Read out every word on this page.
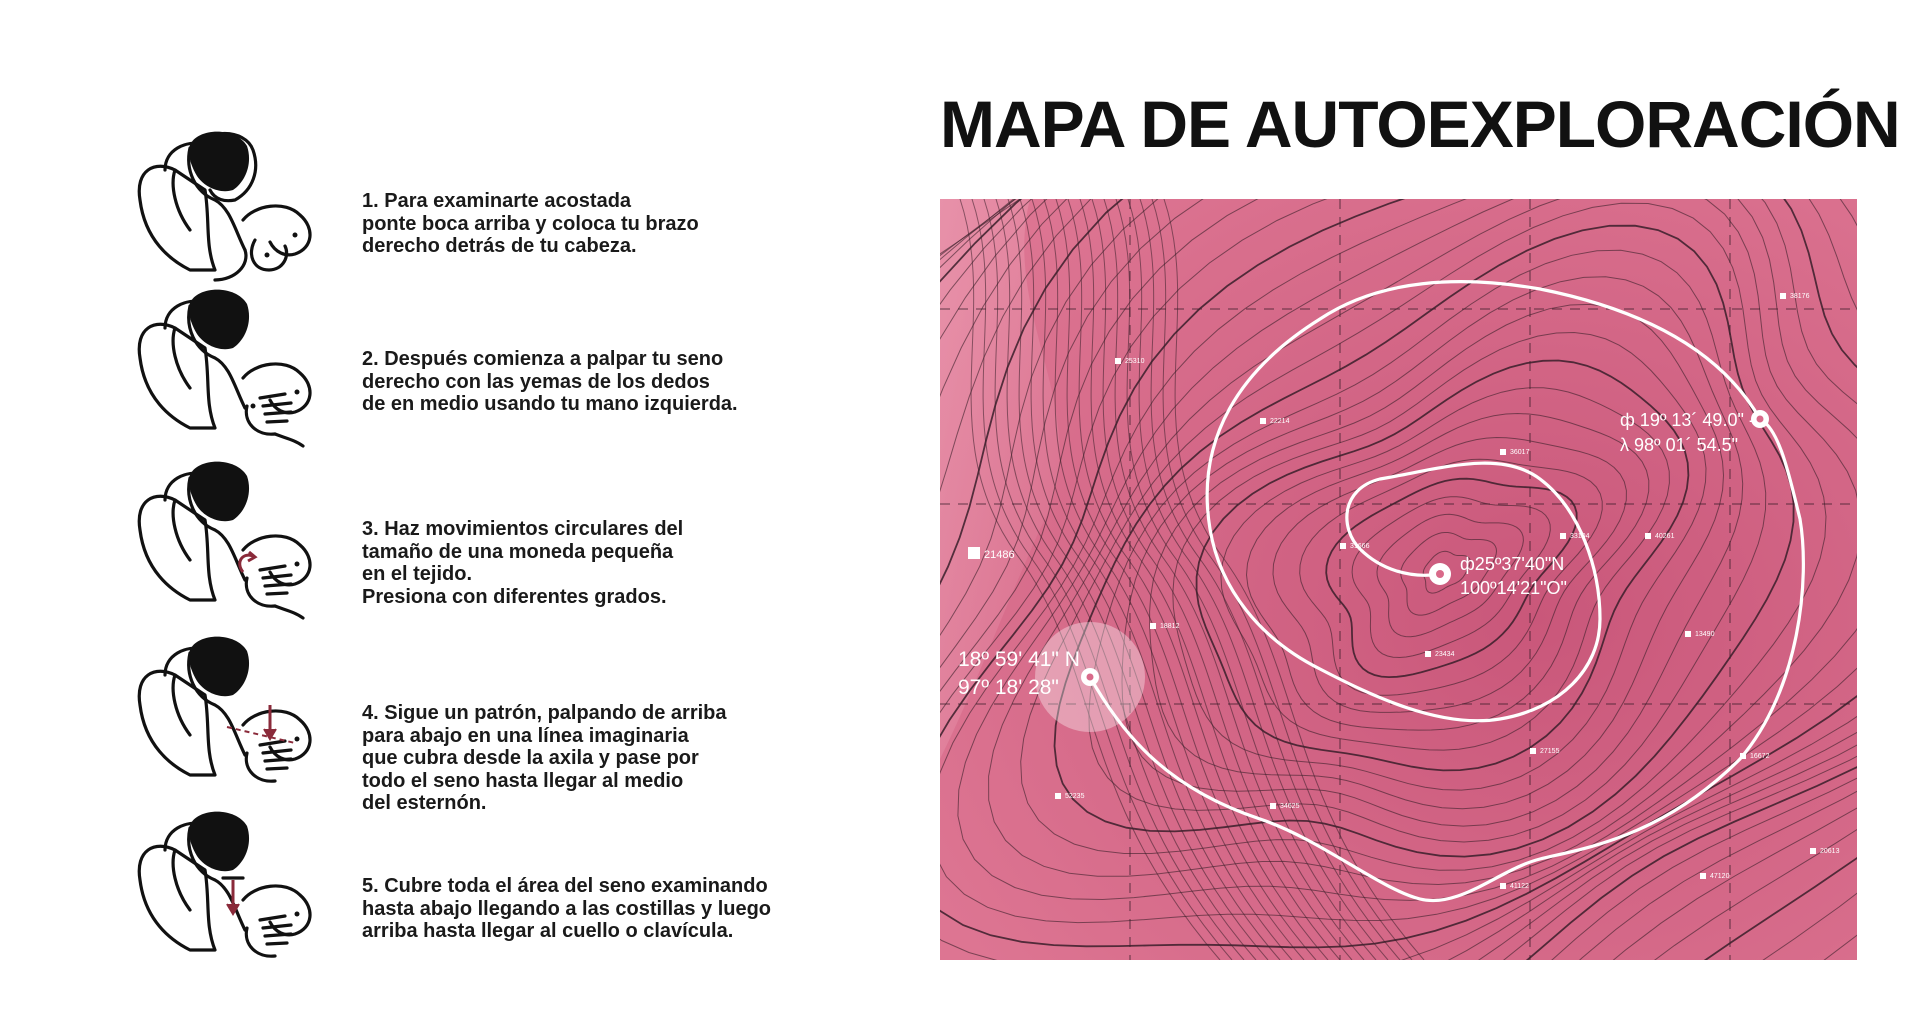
MAPA DE AUTOEXPLORACIÓN
1. Para examinarte acostada
ponte boca arriba y coloca tu brazo
derecho detrás de tu cabeza.
2. Después comienza a palpar tu seno
derecho con las yemas de los dedos
de en medio usando tu mano izquierda.
3. Haz movimientos circulares del
tamaño de una moneda pequeña
en el tejido.
Presiona con diferentes grados.
4. Sigue un patrón, palpando de arriba
para abajo en una línea imaginaria
que cubra desde la axila y pase por
todo el seno hasta llegar al medio
del esternón.
5. Cubre toda el área del seno examinando
hasta abajo llegando a las costillas y luego
arriba hasta llegar al cuello o clavícula.
21486
31666
38176
20613
52235
23434
47120
34625
18812
22214
36017
40261
13490
25310
33104
16672
27155
41122
18º 59' 41" N
97º 18' 28"
ф25º37'40"N
100º14'21"O"
ф 19º 13´ 49.0" -
λ 98º 01´ 54.5"
